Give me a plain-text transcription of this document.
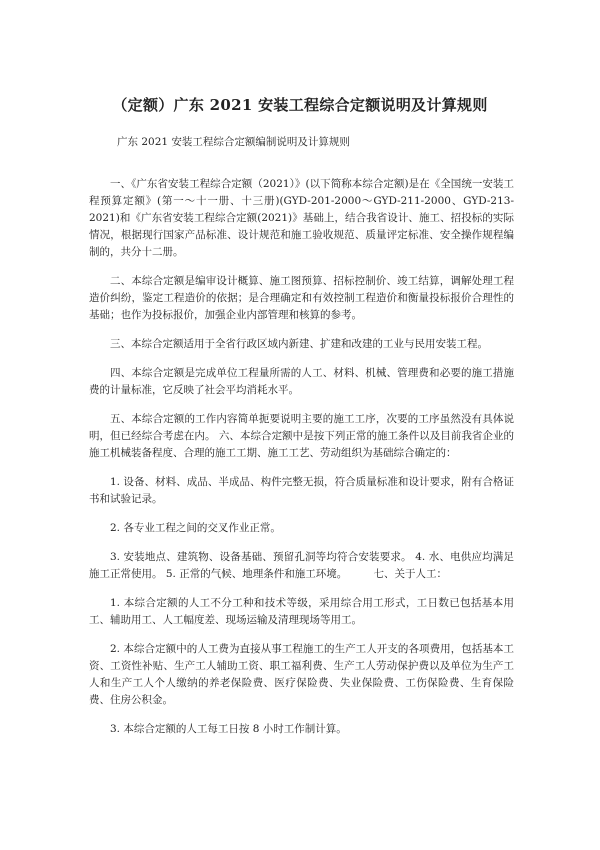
（定额）广东 2021 安装工程综合定额说明及计算规则
广东 2021 安装工程综合定额编制说明及计算规则

一、《广东省安装工程综合定额（2021）》(以下简称本综合定额)是在《全国统一安装工程预算定额》(第一～十一册、十三册)(GYD-201-2000～GYD-211-2000、GYD-213-2021)和《广东省安装工程综合定额(2021)》基础上，结合我省设计、施工、招投标的实际情况，根据现行国家产品标准、设计规范和施工验收规范、质量评定标准、安全操作规程编制的，共分十二册。

二、本综合定额是编审设计概算、施工图预算、招标控制价、竣工结算，调解处理工程造价纠纷，鉴定工程造价的依据；是合理确定和有效控制工程造价和衡量投标报价合理性的基础；也作为投标报价，加强企业内部管理和核算的参考。

三、本综合定额适用于全省行政区域内新建、扩建和改建的工业与民用安装工程。

四、本综合定额是完成单位工程量所需的人工、材料、机械、管理费和必要的施工措施费的计量标准，它反映了社会平均消耗水平。

五、本综合定额的工作内容简单扼要说明主要的施工工序，次要的工序虽然没有具体说明，但已经综合考虑在内。 六、本综合定额中是按下列正常的施工条件以及目前我省企业的施工机械装备程度、合理的施工工期、施工工艺、劳动组织为基础综合确定的：

1. 设备、材料、成品、半成品、构件完整无损，符合质量标准和设计要求，附有合格证书和试验记录。

2. 各专业工程之间的交叉作业正常。

3. 安装地点、建筑物、设备基础、预留孔洞等均符合安装要求。 4. 水、电供应均满足施工正常使用。 5. 正常的气候、地理条件和施工环境。　　　七、关于人工：

1. 本综合定额的人工不分工种和技术等级，采用综合用工形式，工日数已包括基本用工、辅助用工、人工幅度差、现场运输及清理现场等用工。

2. 本综合定额中的人工费为直接从事工程施工的生产工人开支的各项费用，包括基本工资、工资性补贴、生产工人辅助工资、职工福利费、生产工人劳动保护费以及单位为生产工人和生产工人个人缴纳的养老保险费、医疗保险费、失业保险费、工伤保险费、生育保险费、住房公积金。

3. 本综合定额的人工每工日按 8 小时工作制计算。
